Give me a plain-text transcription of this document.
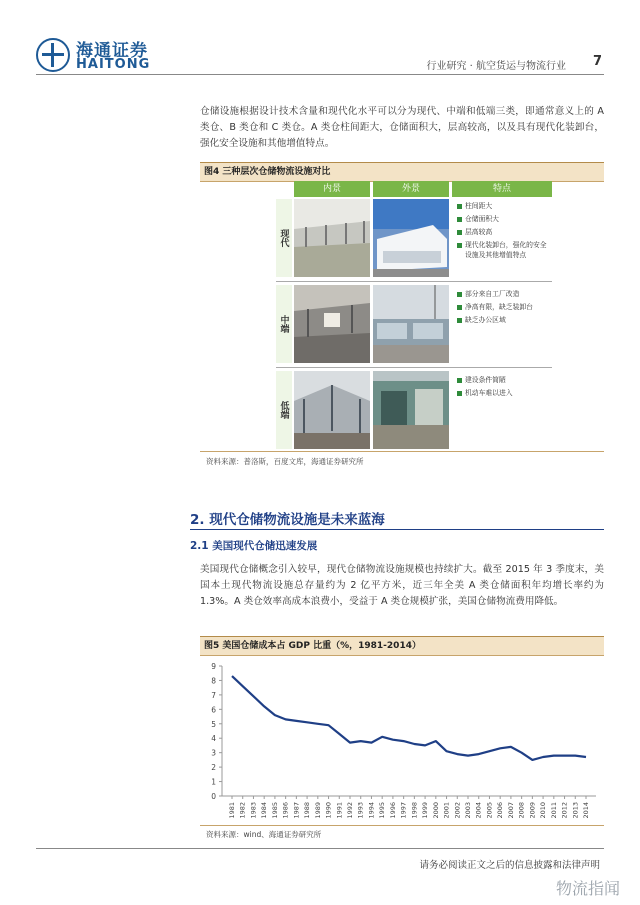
海通证券
HAITONG	行业研究 · 航空货运与物流行业 7
仓储设施根据设计技术含量和现代化水平可以分为现代、中端和低端三类，即通常意义上的 A 类仓、B 类仓和 C 类仓。A 类仓柱间距大，仓储面积大，层高较高，以及具有现代化装卸台，强化安全设施和其他增值特点。
图4 三种层次仓储物流设施对比
内景	外景	特点
现代
柱间距大
仓储面积大
层高较高
现代化装卸台，强化的安全设施及其他增值特点
中端
部分来自工厂改造
净高有限，缺乏装卸台
缺乏办公区域
低端
建设条件简陋
机动车难以进入
资料来源：普洛斯，百度文库，海通证券研究所
2. 现代仓储物流设施是未来蓝海
2.1 美国现代仓储迅速发展
美国现代仓储概念引入较早，现代仓储物流设施规模也持续扩大。截至 2015 年 3 季度末，美国本土现代物流设施总存量约为 2 亿平方米，近三年全美 A 类仓储面积年均增长率约为 1.3%。A 类仓效率高成本浪费小，受益于 A 类仓规模扩张，美国仓储物流费用降低。
图5 美国仓储成本占 GDP 比重（%，1981-2014）
0
1
2
3
4
5
6
7
8
9
1981 1982 1983 1984 1985 1986 1987 1988 1989 1990 1991 1992 1993 1994 1995 1996 1997 1998 1999 2000 2001 2002 2003 2004 2005 2006 2007 2008 2009 2010 2011 2012 2013 2014
资料来源：wind、海通证券研究所
请务必阅读正文之后的信息披露和法律声明
物流指闻
